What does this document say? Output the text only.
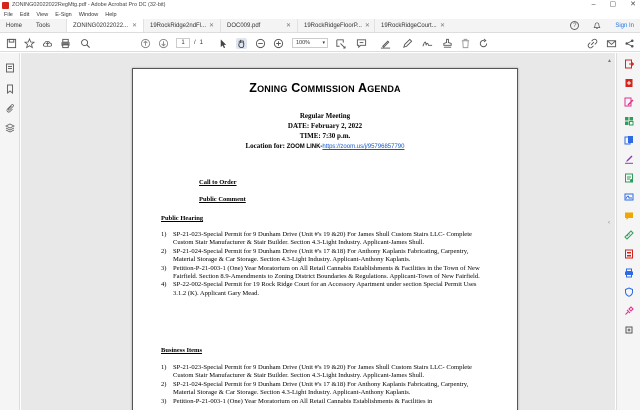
ZONING02022022RegMtg.pdf - Adobe Acrobat Pro DC (32-bit)	– ▢ ✕
File Edit View E-Sign Window Help
Home	Tools	ZONING02022022... ✕ 19RockRidge2ndFl... ✕ DOC009.pdf	✕ 19RockRidgeFloorP... ✕ 19RockRidgeCourt... ✕	?	Sign In
1	/ 1	100% ▾
Zoning Commission Agenda
Regular Meeting
DATE: February 2, 2022
TIME: 7:30 p.m.
Location for: ZOOM LINK-https://zoom.us/j/95796857790
Call to Order
Public Comment
Public Hearing
1) SP-21-023-Special Permit for 9 Dunham Drive (Unit #'s 19 &20) For James Shull Custom Stairs LLC- Complete Custom Stair Manufacturer & Stair Builder. Section 4.3-Light Industry. Applicant-James Shull.
2) SP-21-024-Special Permit for 9 Dunham Drive (Unit #'s 17 &18) For Anthony Kaplanis Fabricating, Carpentry, Material Storage & Car Storage. Section 4.3-Light Industry. Applicant-Anthony Kaplanis.
3) Petition-P-21-003-1 (One) Year Moratorium on All Retail Cannabis Establishments & Facilities in the Town of New Fairfield. Section 8.9-Amendments to Zoning District Boundaries & Regulations. Applicant-Town of New Fairfield.
4) SP-22-002-Special Permit for 19 Rock Ridge Court for an Accessory Apartment under section Special Permit Uses 3.1.2 (K). Applicant Gary Mead.
Business Items
1) SP-21-023-Special Permit for 9 Dunham Drive (Unit #'s 19 &20) For James Shull Custom Stairs LLC- Complete Custom Stair Manufacturer & Stair Builder. Section 4.3-Light Industry. Applicant-James Shull.
2) SP-21-024-Special Permit for 9 Dunham Drive (Unit #'s 17 &18) For Anthony Kaplanis Fabricating, Carpentry, Material Storage & Car Storage. Section 4.3-Light Industry. Applicant-Anthony Kaplanis.
3) Petition-P-21-003-1 (One) Year Moratorium on All Retail Cannabis Establishments & Facilities in
▲
‹
